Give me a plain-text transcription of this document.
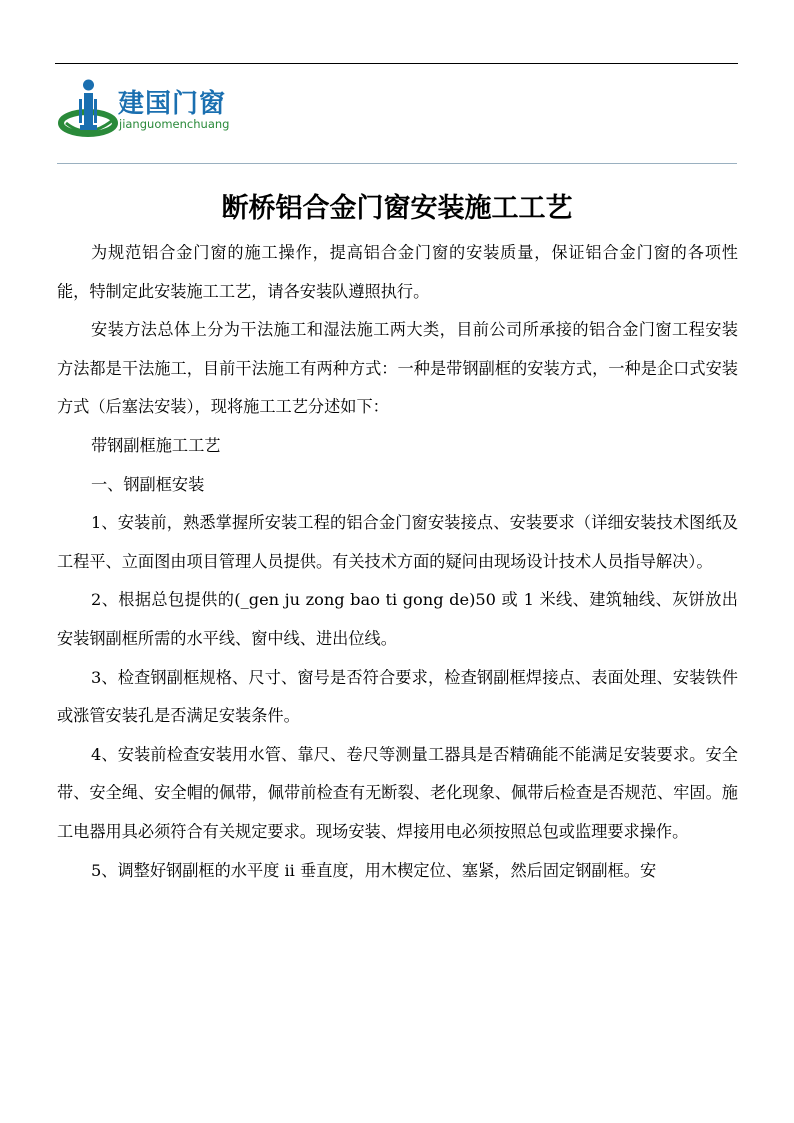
建国门窗
jianguomenchuang
断桥铝合金门窗安装施工工艺

为规范铝合金门窗的施工操作，提高铝合金门窗的安装质量，保证铝合金门窗的各项性能，特制定此安装施工工艺，请各安装队遵照执行。

安装方法总体上分为干法施工和湿法施工两大类，目前公司所承接的铝合金门窗工程安装方法都是干法施工，目前干法施工有两种方式：一种是带钢副框的安装方式，一种是企口式安装方式（后塞法安装），现将施工工艺分述如下：

带钢副框施工工艺

一、钢副框安装

1、安装前，熟悉掌握所安装工程的铝合金门窗安装接点、安装要求（详细安装技术图纸及工程平、立面图由项目管理人员提供。有关技术方面的疑问由现场设计技术人员指导解决）。

2、根据总包提供的(_gen ju zong bao ti gong de)50 或 1 米线、建筑轴线、灰饼放出安装钢副框所需的水平线、窗中线、进出位线。

3、检查钢副框规格、尺寸、窗号是否符合要求，检查钢副框焊接点、表面处理、安装铁件或涨管安装孔是否满足安装条件。

4、安装前检查安装用水管、靠尺、卷尺等测量工器具是否精确能不能满足安装要求。安全带、安全绳、安全帽的佩带，佩带前检查有无断裂、老化现象、佩带后检查是否规范、牢固。施工电器用具必须符合有关规定要求。现场安装、焊接用电必须按照总包或监理要求操作。

5、调整好钢副框的水平度 ii 垂直度，用木楔定位、塞紧，然后固定钢副框。安
